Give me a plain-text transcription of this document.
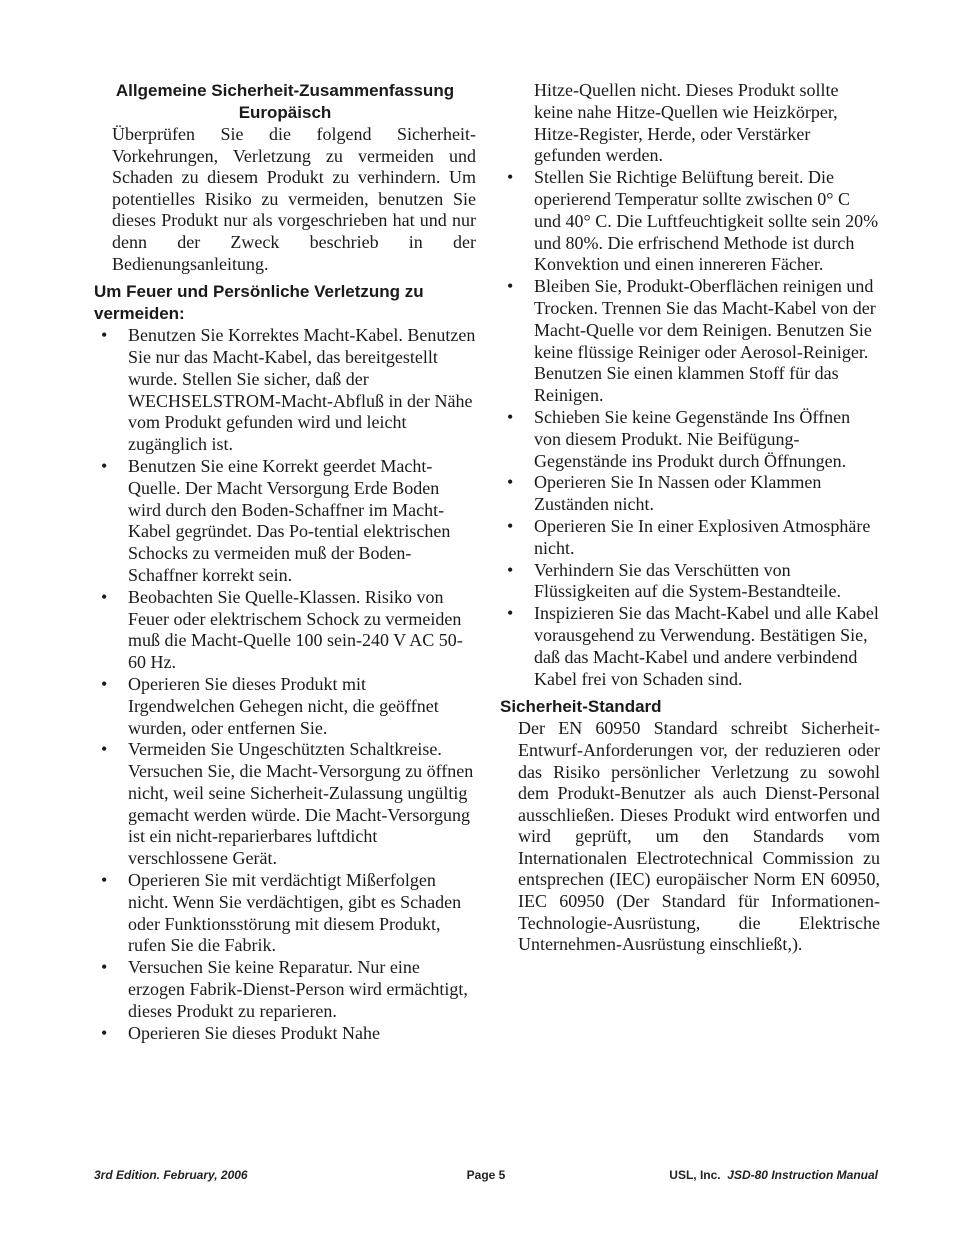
Allgemeine Sicherheit-Zusammenfassung

Europäisch

Überprüfen Sie die folgend Sicherheit-Vorkehrungen, Verletzung zu vermeiden und Schaden zu diesem Produkt zu verhindern. Um potentielles Risiko zu vermeiden, benutzen Sie dieses Produkt nur als vorgeschrieben hat und nur denn der Zweck beschrieb in der Bedienungsanleitung.

Um Feuer und Persönliche Verletzung zu vermeiden:

• Benutzen Sie Korrektes Macht-Kabel. Benutzen Sie nur das Macht-Kabel, das bereitgestellt wurde. Stellen Sie sicher, daß der WECHSELSTROM-Macht-Abfluß in der Nähe vom Produkt gefunden wird und leicht zugänglich ist.
• Benutzen Sie eine Korrekt geerdet Macht-Quelle. Der Macht Versorgung Erde Boden wird durch den Boden-Schaffner im Macht-Kabel gegründet. Das Po-tential elektrischen Schocks zu vermeiden muß der Boden-Schaffner korrekt sein.
• Beobachten Sie Quelle-Klassen. Risiko von Feuer oder elektrischem Schock zu vermeiden muß die Macht-Quelle 100 sein-240 V AC 50-60 Hz.
• Operieren Sie dieses Produkt mit Irgendwelchen Gehegen nicht, die geöffnet wurden, oder entfernen Sie.
• Vermeiden Sie Ungeschützten Schaltkreise. Versuchen Sie, die Macht-Versorgung zu öffnen nicht, weil seine Sicherheit-Zulassung ungültig gemacht werden würde. Die Macht-Versorgung ist ein nicht-reparierbares luftdicht verschlossene Gerät.
• Operieren Sie mit verdächtigt Mißerfolgen nicht. Wenn Sie verdächtigen, gibt es Schaden oder Funktionsstörung mit diesem Produkt, rufen Sie die Fabrik.
• Versuchen Sie keine Reparatur. Nur eine erzogen Fabrik-Dienst-Person wird ermächtigt, dieses Produkt zu reparieren.
• Operieren Sie dieses Produkt Nahe

Hitze-Quellen nicht. Dieses Produkt sollte keine nahe Hitze-Quellen wie Heizkörper, Hitze-Register, Herde, oder Verstärker gefunden werden.

• Stellen Sie Richtige Belüftung bereit. Die operierend Temperatur sollte zwischen 0° C und 40° C. Die Luftfeuchtigkeit sollte sein 20% und 80%. Die erfrischend Methode ist durch Konvektion und einen innereren Fächer.
• Bleiben Sie, Produkt-Oberflächen reinigen und Trocken. Trennen Sie das Macht-Kabel von der Macht-Quelle vor dem Reinigen. Benutzen Sie keine flüssige Reiniger oder Aerosol-Reiniger. Benutzen Sie einen klammen Stoff für das Reinigen.
• Schieben Sie keine Gegenstände Ins Öffnen von diesem Produkt. Nie Beifügung-Gegenstände ins Produkt durch Öffnungen.
• Operieren Sie In Nassen oder Klammen Zuständen nicht.
• Operieren Sie In einer Explosiven Atmosphäre nicht.
• Verhindern Sie das Verschütten von Flüssigkeiten auf die System-Bestandteile.
• Inspizieren Sie das Macht-Kabel und alle Kabel vorausgehend zu Verwendung. Bestätigen Sie, daß das Macht-Kabel und andere verbindend Kabel frei von Schaden sind.

Sicherheit-Standard

Der EN 60950 Standard schreibt Sicherheit-Entwurf-Anforderungen vor, der reduzieren oder das Risiko persönlicher Verletzung zu sowohl dem Produkt-Benutzer als auch Dienst-Personal ausschließen. Dieses Produkt wird entworfen und wird geprüft, um den Standards vom Internationalen Electrotechnical Commission zu entsprechen (IEC) europäischer Norm EN 60950, IEC 60950 (Der Standard für Informationen-Technologie-Ausrüstung, die Elektrische Unternehmen-Ausrüstung einschließt,).

3rd Edition. February, 2006	Page 5	USL, Inc. JSD-80 Instruction Manual
